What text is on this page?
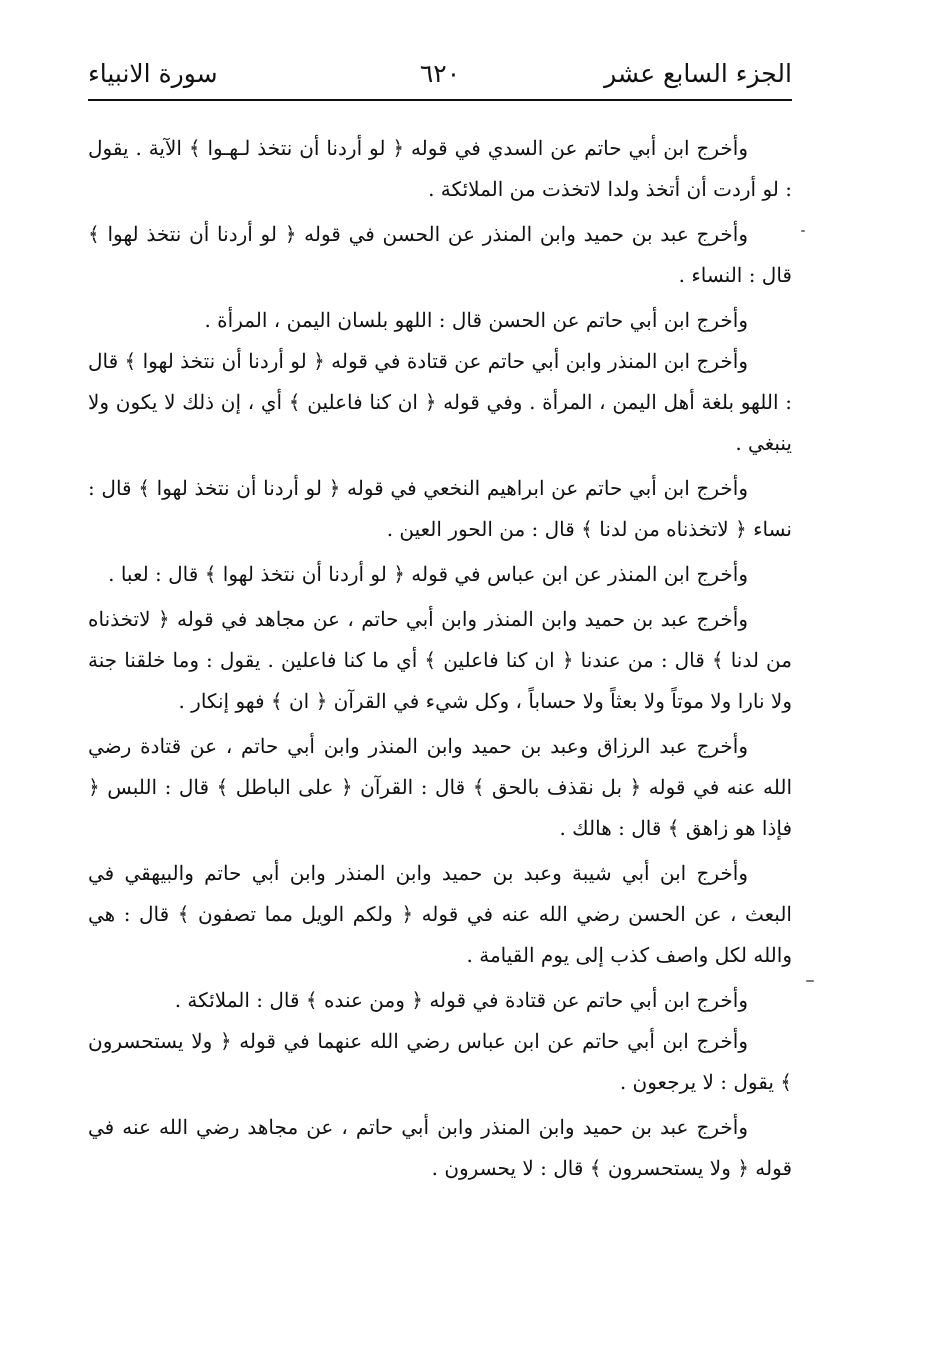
الجزء السابع عشر
٦٢٠
سورة الانبياء

وأخرج ابن أبي حاتم عن السدي في قوله ﴿ لو أردنا أن نتخذ لـهـوا ﴾ الآية . يقول : لو أردت أن أتخذ ولدا لاتخذت من الملائكة .

وأخرج عبد بن حميد وابن المنذر عن الحسن في قوله ﴿ لو أردنا أن نتخذ لهوا ﴾ قال : النساء .

وأخرج ابن أبي حاتم عن الحسن قال : اللهو بلسان اليمن ، المرأة .

وأخرج ابن المنذر وابن أبي حاتم عن قتادة في قوله ﴿ لو أردنا أن نتخذ لهوا ﴾ قال : اللهو بلغة أهل اليمن ، المرأة . وفي قوله ﴿ ان كنا فاعلين ﴾ أي ، إن ذلك لا يكون ولا ينبغي .

وأخرج ابن أبي حاتم عن ابراهيم النخعي في قوله ﴿ لو أردنا أن نتخذ لهوا ﴾ قال : نساء ﴿ لاتخذناه من لدنا ﴾ قال : من الحور العين .

وأخرج ابن المنذر عن ابن عباس في قوله ﴿ لو أردنا أن نتخذ لهوا ﴾ قال : لعبا .

وأخرج عبد بن حميد وابن المنذر وابن أبي حاتم ، عن مجاهد في قوله ﴿ لاتخذناه من لدنا ﴾ قال : من عندنا ﴿ ان كنا فاعلين ﴾ أي ما كنا فاعلين . يقول : وما خلقنا جنة ولا نارا ولا موتاً ولا بعثاً ولا حساباً ، وكل شيء في القرآن ﴿ ان ﴾ فهو إنكار .

وأخرج عبد الرزاق وعبد بن حميد وابن المنذر وابن أبي حاتم ، عن قتادة رضي الله عنه في قوله ﴿ بل نقذف بالحق ﴾ قال : القرآن ﴿ على الباطل ﴾ قال : اللبس ﴿ فإذا هو زاهق ﴾ قال : هالك .

وأخرج ابن أبي شيبة وعبد بن حميد وابن المنذر وابن أبي حاتم والبيهقي في البعث ، عن الحسن رضي الله عنه في قوله ﴿ ولكم الويل مما تصفون ﴾ قال : هي والله لكل واصف كذب إلى يوم القيامة .

وأخرج ابن أبي حاتم عن قتادة في قوله ﴿ ومن عنده ﴾ قال : الملائكة .

وأخرج ابن أبي حاتم عن ابن عباس رضي الله عنهما في قوله ﴿ ولا يستحسرون ﴾ يقول : لا يرجعون .

وأخرج عبد بن حميد وابن المنذر وابن أبي حاتم ، عن مجاهد رضي الله عنه في قوله ﴿ ولا يستحسرون ﴾ قال : لا يحسرون .
